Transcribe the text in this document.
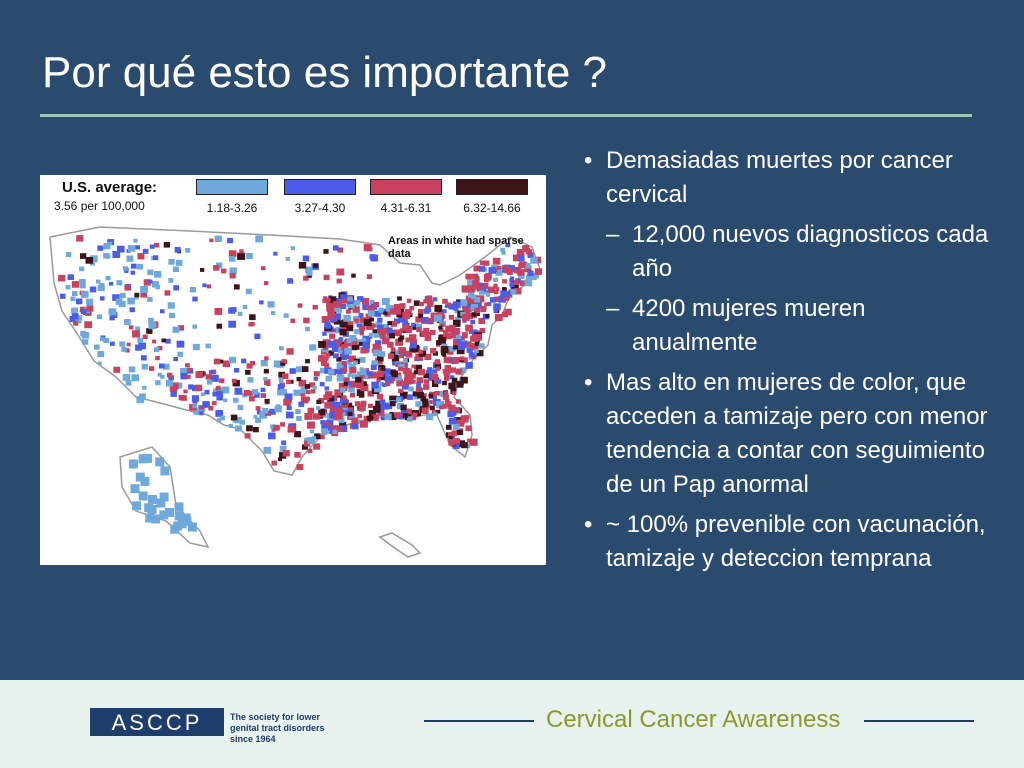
Por qué esto es importante ?
U.S. average:
3.56 per 100,000	1.18-3.26	3.27-4.30	4.31-6.31	6.32-14.66
Areas in white had sparse data
• Demasiadas muertes por cancer cervical
– 12,000 nuevos diagnosticos cada año
– 4200 mujeres mueren anualmente
• Mas alto en mujeres de color, que acceden a tamizaje pero con menor tendencia a contar con seguimiento de un Pap anormal
• ~ 100% prevenible con vacunación, tamizaje y deteccion temprana
ASCCP	The society for lower genital tract disorders since 1964
Cervical Cancer Awareness
